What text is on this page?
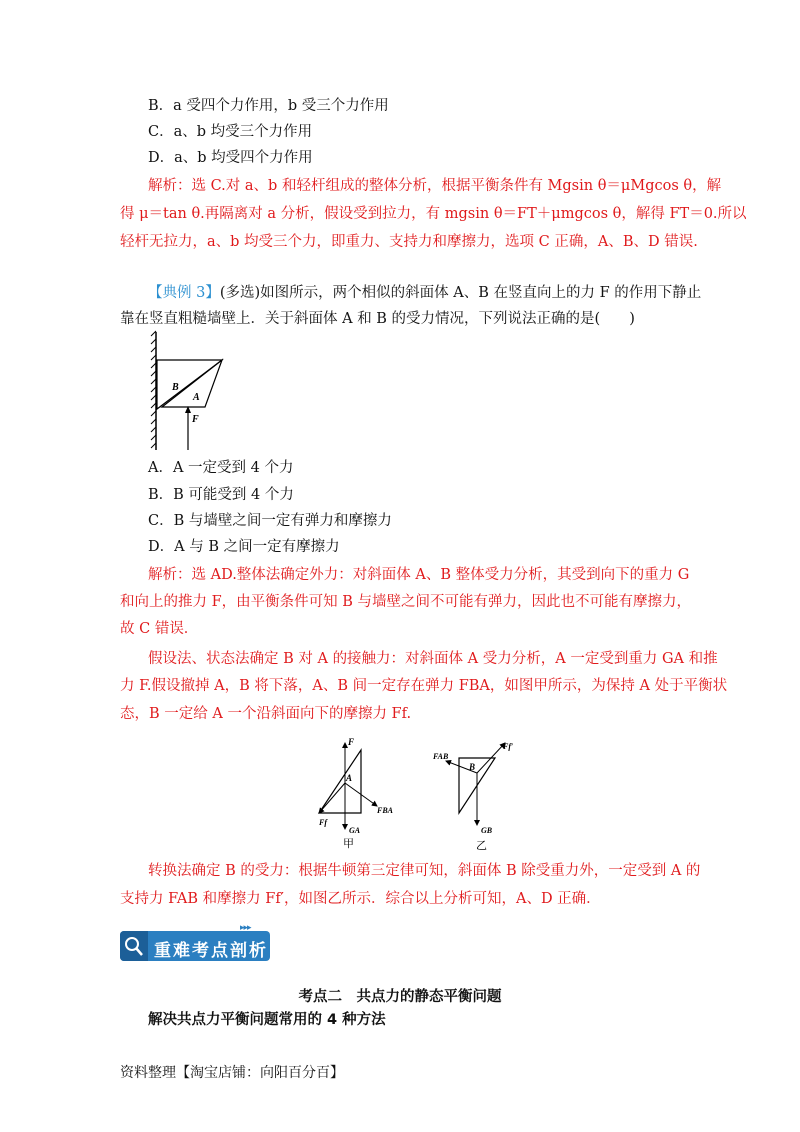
B．a 受四个力作用，b 受三个力作用
C．a、b 均受三个力作用
D．a、b 均受四个力作用
解析：选 C.对 a、b 和轻杆组成的整体分析，根据平衡条件有 Mgsin θ＝μMgcos θ，解
得 μ＝tan θ.再隔离对 a 分析，假设受到拉力，有 mgsin θ＝FT＋μmgcos θ，解得 FT＝0.所以
轻杆无拉力，a、b 均受三个力，即重力、支持力和摩擦力，选项 C 正确，A、B、D 错误.
【典例 3】(多选)如图所示，两个相似的斜面体 A、B 在竖直向上的力 F 的作用下静止
靠在竖直粗糙墙壁上．关于斜面体 A 和 B 的受力情况，下列说法正确的是(　　)
B
A
F
A．A 一定受到 4 个力
B．B 可能受到 4 个力
C．B 与墙壁之间一定有弹力和摩擦力
D．A 与 B 之间一定有摩擦力
解析：选 AD.整体法确定外力：对斜面体 A、B 整体受力分析，其受到向下的重力 G
和向上的推力 F，由平衡条件可知 B 与墙壁之间不可能有弹力，因此也不可能有摩擦力，
故 C 错误．
假设法、状态法确定 B 对 A 的接触力：对斜面体 A 受力分析，A 一定受到重力 GA 和推
力 F.假设撤掉 A，B 将下落，A、B 间一定存在弹力 FBA，如图甲所示，为保持 A 处于平衡状
态，B 一定给 A 一个沿斜面向下的摩擦力 Ff.
F
A
FBA
Ff
GA
甲
Ff′
FAB
B
GB
乙
转换法确定 B 的受力：根据牛顿第三定律可知，斜面体 B 除受重力外，一定受到 A 的
支持力 FAB 和摩擦力 Ff′，如图乙所示．综合以上分析可知，A、D 正确．
重难考点剖析
▸▸▸
考点二　共点力的静态平衡问题
解决共点力平衡问题常用的 4 种方法
资料整理【淘宝店铺：向阳百分百】
